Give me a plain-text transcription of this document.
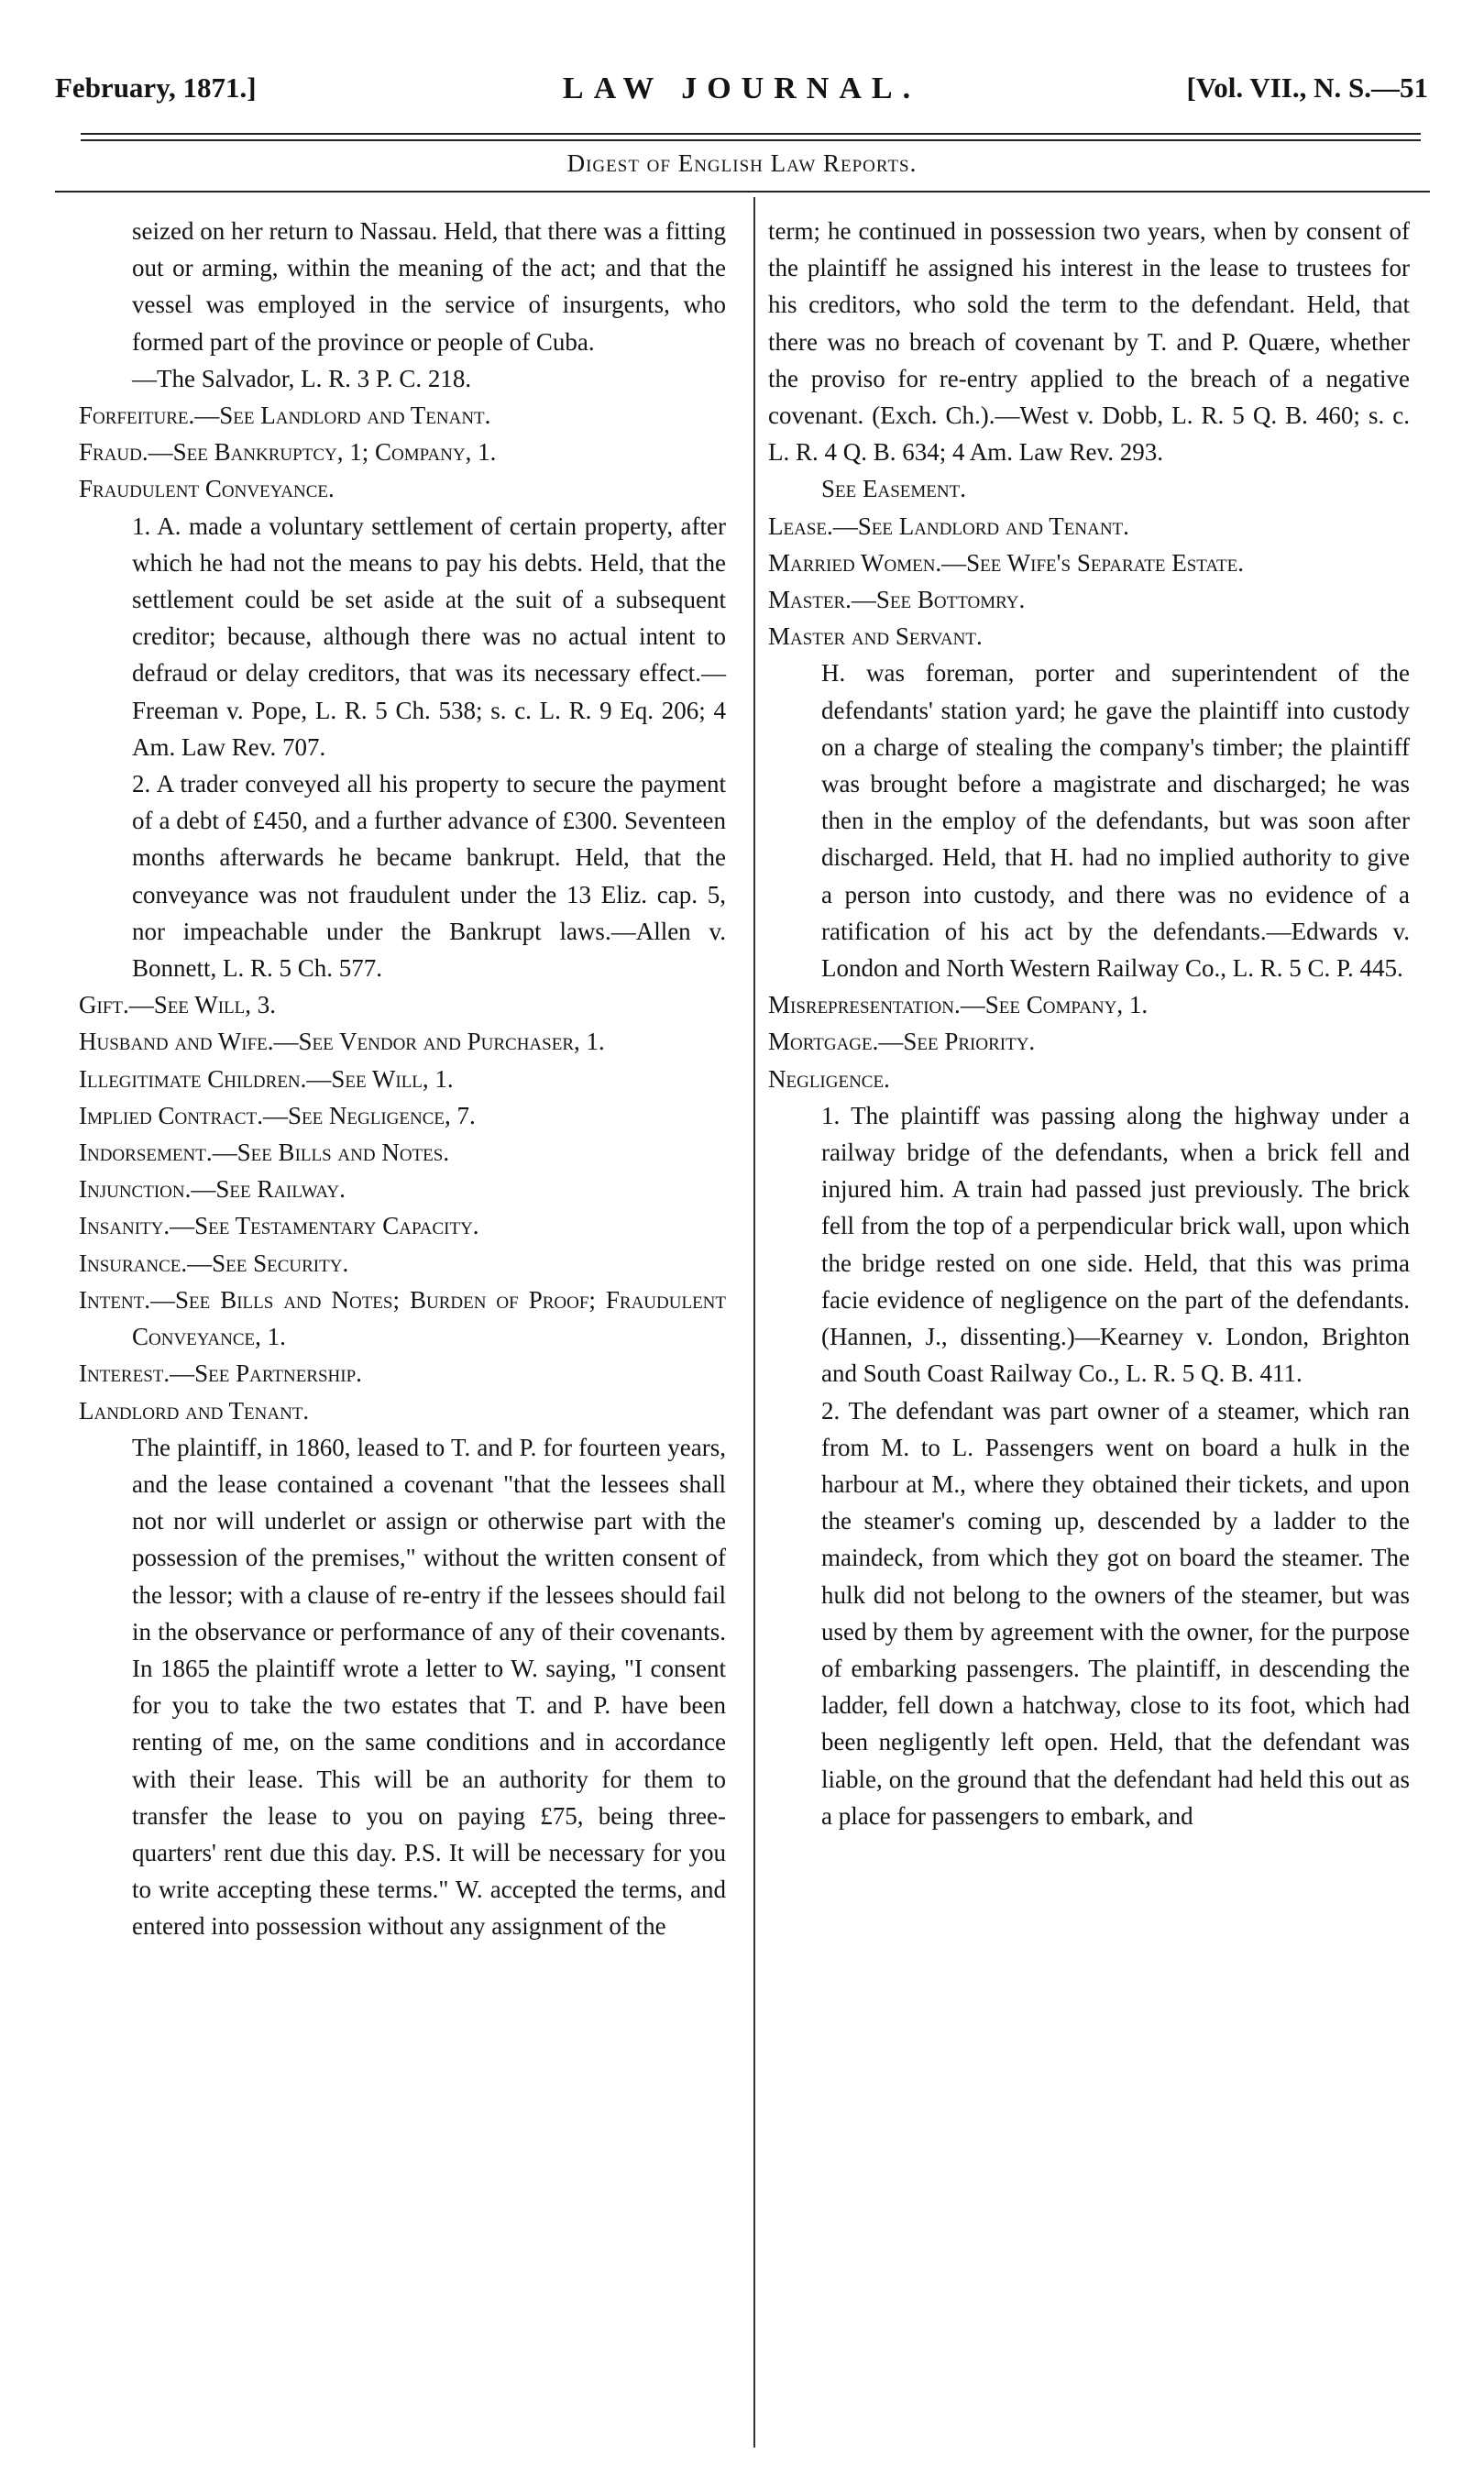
February, 1871.]	LAW JOURNAL.	[Vol. VII., N. S.—51
Digest of English Law Reports.

seized on her return to Nassau. Held, that there was a fitting out or arming, within the meaning of the act; and that the vessel was employed in the service of insurgents, who formed part of the province or people of Cuba.

—The Salvador, L. R. 3 P. C. 218.

Forfeiture.—See Landlord and Tenant.

Fraud.—See Bankruptcy, 1; Company, 1.

Fraudulent Conveyance.

1. A. made a voluntary settlement of certain property, after which he had not the means to pay his debts. Held, that the settlement could be set aside at the suit of a subsequent creditor; because, although there was no actual intent to defraud or delay creditors, that was its necessary effect.—Freeman v. Pope, L. R. 5 Ch. 538; s. c. L. R. 9 Eq. 206; 4 Am. Law Rev. 707.

2. A trader conveyed all his property to secure the payment of a debt of £450, and a further advance of £300. Seventeen months afterwards he became bankrupt. Held, that the conveyance was not fraudulent under the 13 Eliz. cap. 5, nor impeachable under the Bankrupt laws.—Allen v. Bonnett, L. R. 5 Ch. 577.

Gift.—See Will, 3.

Husband and Wife.—See Vendor and Purchaser, 1.

Illegitimate Children.—See Will, 1.

Implied Contract.—See Negligence, 7.

Indorsement.—See Bills and Notes.

Injunction.—See Railway.

Insanity.—See Testamentary Capacity.

Insurance.—See Security.

Intent.—See Bills and Notes; Burden of Proof; Fraudulent Conveyance, 1.

Interest.—See Partnership.

Landlord and Tenant.

The plaintiff, in 1860, leased to T. and P. for fourteen years, and the lease contained a covenant "that the lessees shall not nor will underlet or assign or otherwise part with the possession of the premises," without the written consent of the lessor; with a clause of re-entry if the lessees should fail in the observance or performance of any of their covenants. In 1865 the plaintiff wrote a letter to W. saying, "I consent for you to take the two estates that T. and P. have been renting of me, on the same conditions and in accordance with their lease. This will be an authority for them to transfer the lease to you on paying £75, being three-quarters' rent due this day. P.S. It will be necessary for you to write accepting these terms." W. accepted the terms, and entered into possession without any assignment of the

term; he continued in possession two years, when by consent of the plaintiff he assigned his interest in the lease to trustees for his creditors, who sold the term to the defendant. Held, that there was no breach of covenant by T. and P. Quære, whether the proviso for re-entry applied to the breach of a negative covenant. (Exch. Ch.).—West v. Dobb, L. R. 5 Q. B. 460; s. c. L. R. 4 Q. B. 634; 4 Am. Law Rev. 293.

See Easement.

Lease.—See Landlord and Tenant.

Married Women.—See Wife's Separate Estate.

Master.—See Bottomry.

Master and Servant.

H. was foreman, porter and superintendent of the defendants' station yard; he gave the plaintiff into custody on a charge of stealing the company's timber; the plaintiff was brought before a magistrate and discharged; he was then in the employ of the defendants, but was soon after discharged. Held, that H. had no implied authority to give a person into custody, and there was no evidence of a ratification of his act by the defendants.—Edwards v. London and North Western Railway Co., L. R. 5 C. P. 445.

Misrepresentation.—See Company, 1.

Mortgage.—See Priority.

Negligence.

1. The plaintiff was passing along the highway under a railway bridge of the defendants, when a brick fell and injured him. A train had passed just previously. The brick fell from the top of a perpendicular brick wall, upon which the bridge rested on one side. Held, that this was prima facie evidence of negligence on the part of the defendants. (Hannen, J., dissenting.)—Kearney v. London, Brighton and South Coast Railway Co., L. R. 5 Q. B. 411.

2. The defendant was part owner of a steamer, which ran from M. to L. Passengers went on board a hulk in the harbour at M., where they obtained their tickets, and upon the steamer's coming up, descended by a ladder to the maindeck, from which they got on board the steamer. The hulk did not belong to the owners of the steamer, but was used by them by agreement with the owner, for the purpose of embarking passengers. The plaintiff, in descending the ladder, fell down a hatchway, close to its foot, which had been negligently left open. Held, that the defendant was liable, on the ground that the defendant had held this out as a place for passengers to embark, and
